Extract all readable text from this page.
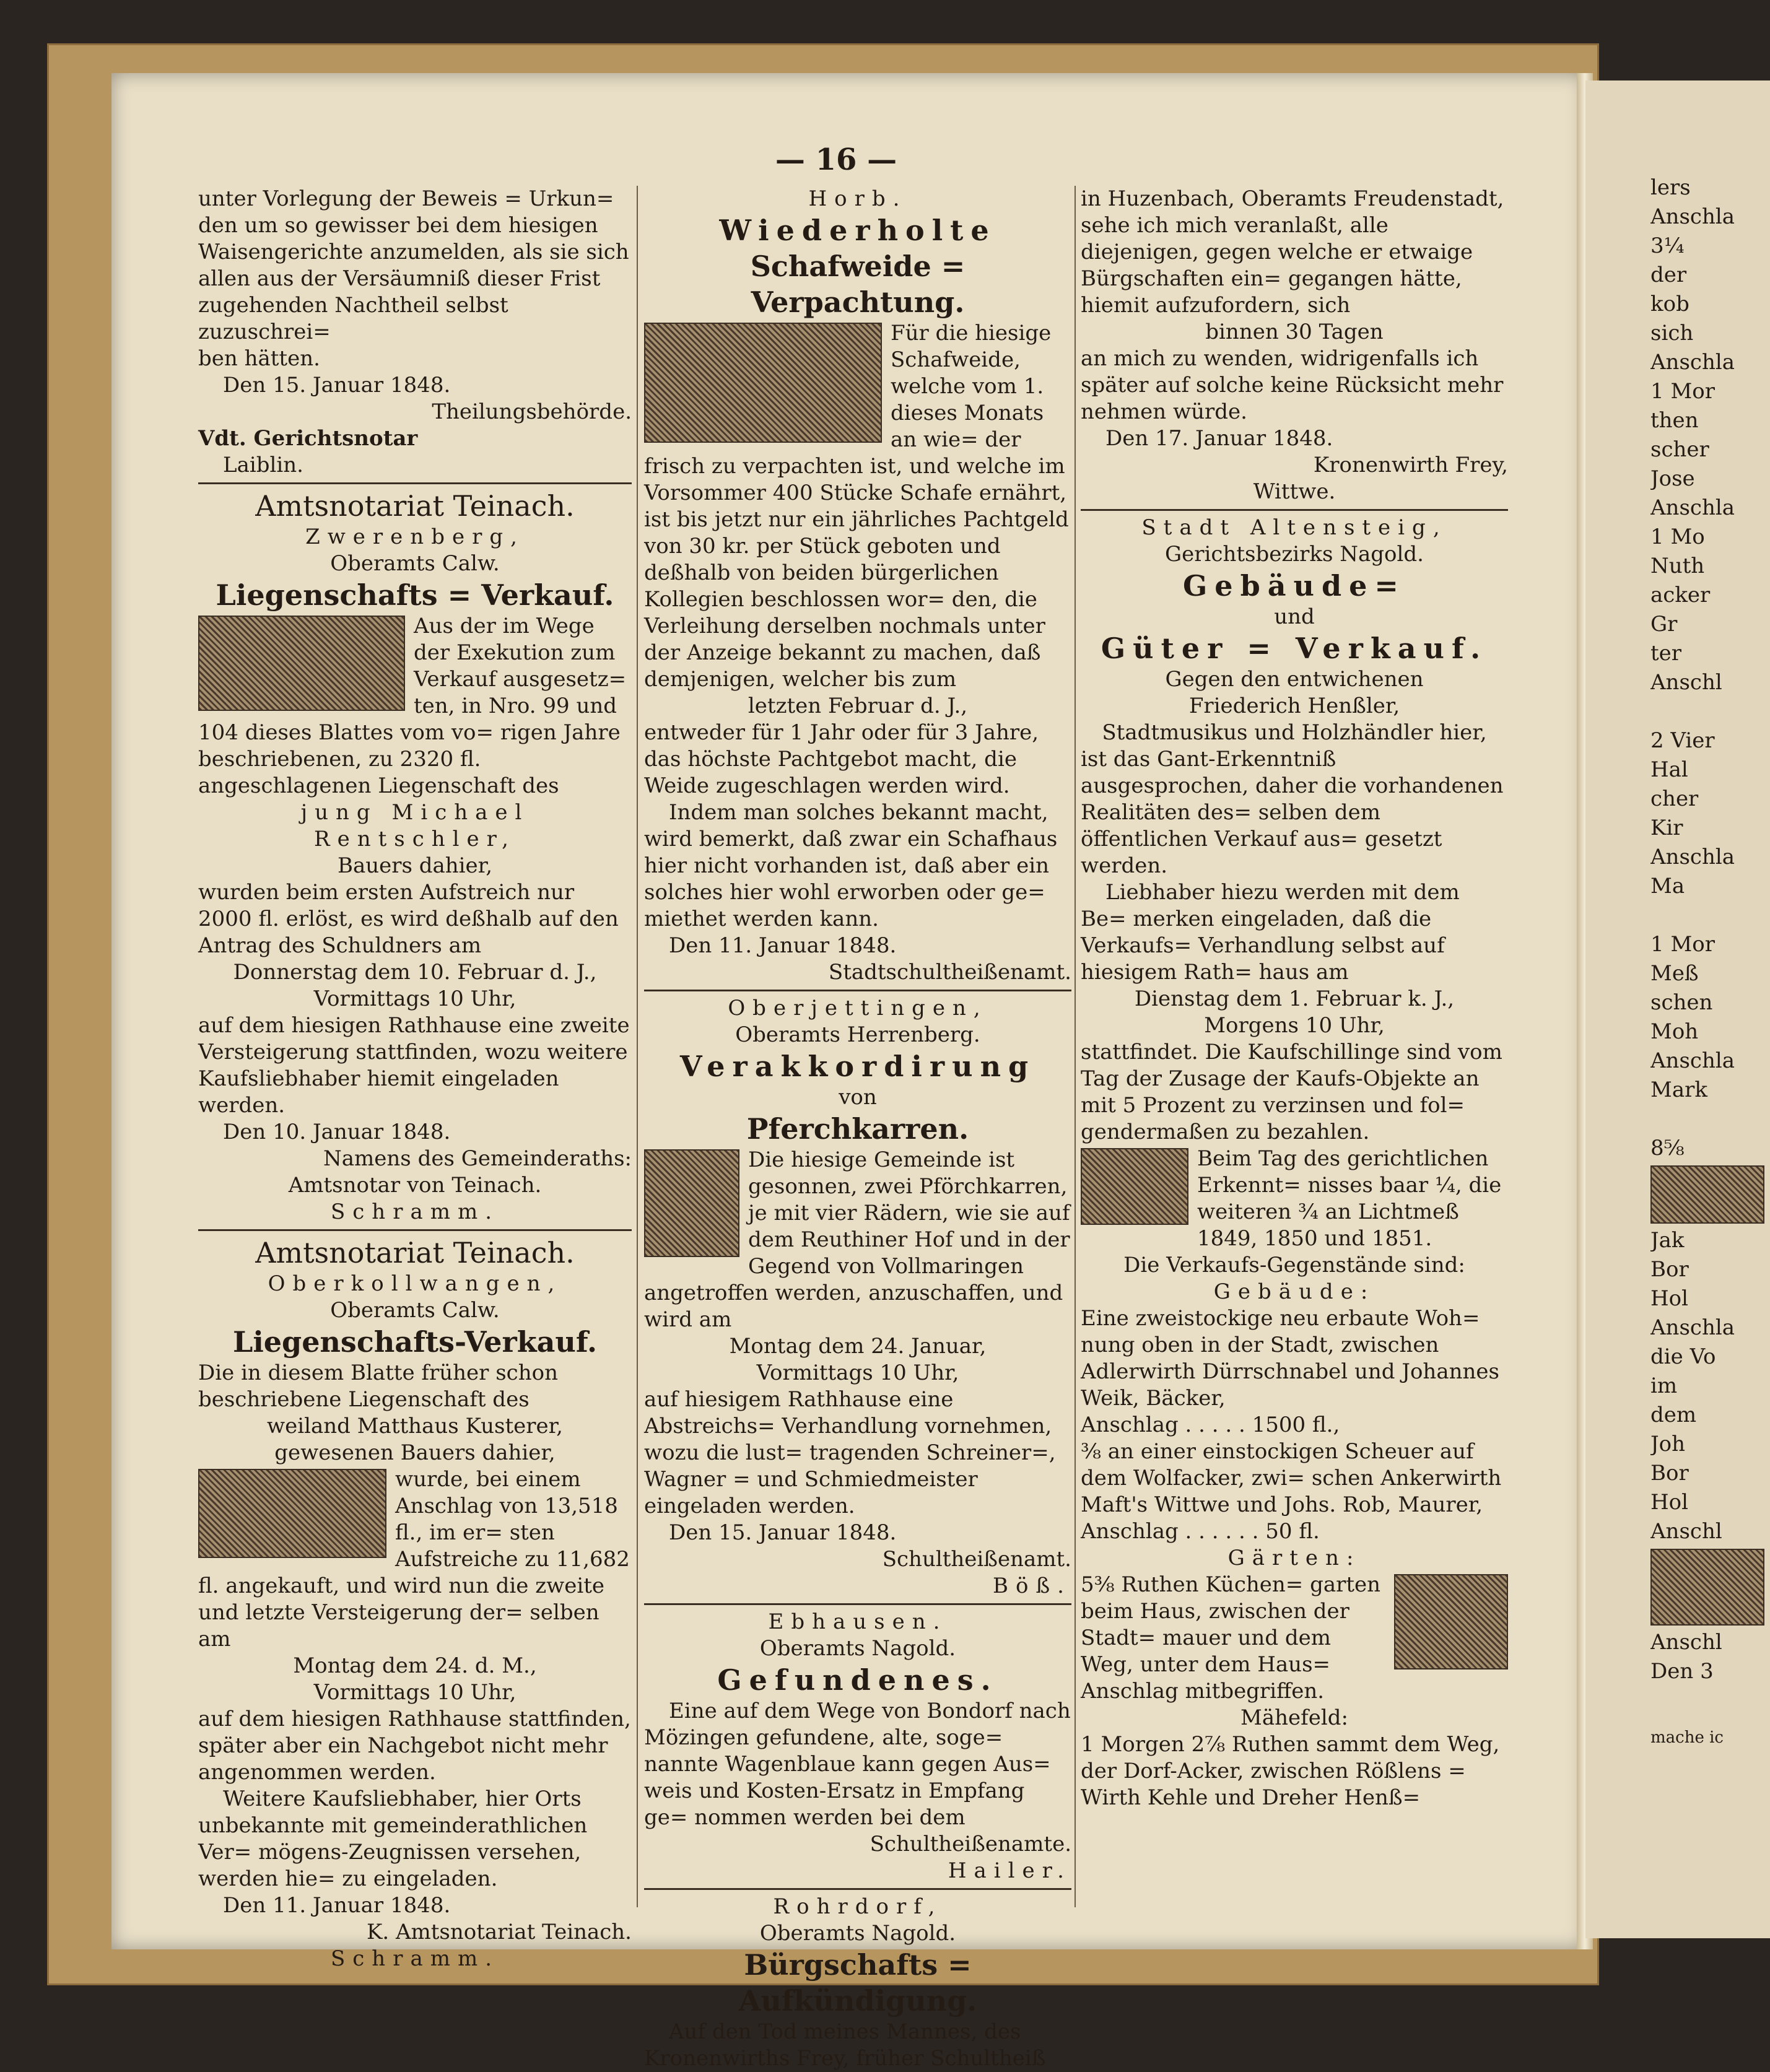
— 16 —

unter Vorlegung der Beweis = Urkun=

den um so gewisser bei dem hiesigen

Waisengerichte anzumelden, als sie sich

allen aus der Versäumniß dieser Frist

zugehenden Nachtheil selbst zuzuschrei=

ben hätten.

Den 15. Januar 1848.

Theilungsbehörde.

Vdt. Gerichtsnotar

Laiblin.

Amtsnotariat Teinach.

Zwerenberg,

Oberamts Calw.

Liegenschafts = Verkauf.

Aus der im Wege der Exekution zum Verkauf ausgesetz= ten, in Nro. 99 und 104 dieses Blattes vom vo= rigen Jahre beschriebenen, zu 2320 fl. angeschlagenen Liegenschaft des

jung Michael Rentschler,

Bauers dahier,

wurden beim ersten Aufstreich nur 2000 fl. erlöst, es wird deßhalb auf den Antrag des Schuldners am

Donnerstag dem 10. Februar d. J.,

Vormittags 10 Uhr,

auf dem hiesigen Rathhause eine zweite Versteigerung stattfinden, wozu weitere Kaufsliebhaber hiemit eingeladen werden.

Den 10. Januar 1848.

Namens des Gemeinderaths:

Amtsnotar von Teinach.

Schramm.

Amtsnotariat Teinach.

Oberkollwangen,

Oberamts Calw.

Liegenschafts-Verkauf.

Die in diesem Blatte früher schon beschriebene Liegenschaft des

weiland Matthaus Kusterer,

gewesenen Bauers dahier,

wurde, bei einem Anschlag von 13,518 fl., im er= sten Aufstreiche zu 11,682 fl. angekauft, und wird nun die zweite und letzte Versteigerung der= selben am

Montag dem 24. d. M.,

Vormittags 10 Uhr,

auf dem hiesigen Rathhause stattfinden, später aber ein Nachgebot nicht mehr angenommen werden.

Weitere Kaufsliebhaber, hier Orts unbekannte mit gemeinderathlichen Ver= mögens-Zeugnissen versehen, werden hie= zu eingeladen.

Den 11. Januar 1848.

K. Amtsnotariat Teinach.

Schramm.

Horb.

Wiederholte

Schafweide = Verpachtung.

Für die hiesige Schafweide, welche vom 1. dieses Monats an wie= der frisch zu verpachten ist, und welche im Vorsommer 400 Stücke Schafe ernährt, ist bis jetzt nur ein jährliches Pachtgeld von 30 kr. per Stück geboten und deßhalb von beiden bürgerlichen Kollegien beschlossen wor= den, die Verleihung derselben nochmals unter der Anzeige bekannt zu machen, daß demjenigen, welcher bis zum

letzten Februar d. J.,

entweder für 1 Jahr oder für 3 Jahre, das höchste Pachtgebot macht, die Weide zugeschlagen werden wird.

Indem man solches bekannt macht, wird bemerkt, daß zwar ein Schafhaus hier nicht vorhanden ist, daß aber ein solches hier wohl erworben oder ge= miethet werden kann.

Den 11. Januar 1848.

Stadtschultheißenamt.

Oberjettingen,

Oberamts Herrenberg.

Verakkordirung

von

Pferchkarren.

Die hiesige Gemeinde ist gesonnen, zwei Pförchkarren, je mit vier Rädern, wie sie auf dem Reuthiner Hof und in der Gegend von Vollmaringen angetroffen werden, anzuschaffen, und wird am

Montag dem 24. Januar,

Vormittags 10 Uhr,

auf hiesigem Rathhause eine Abstreichs= Verhandlung vornehmen, wozu die lust= tragenden Schreiner=, Wagner = und Schmiedmeister eingeladen werden.

Den 15. Januar 1848.

Schultheißenamt.

Böß.

Ebhausen.

Oberamts Nagold.

Gefundenes.

Eine auf dem Wege von Bondorf nach Mözingen gefundene, alte, soge= nannte Wagenblaue kann gegen Aus= weis und Kosten-Ersatz in Empfang ge= nommen werden bei dem

Schultheißenamte.

Hailer.

Rohrdorf,

Oberamts Nagold.

Bürgschafts = Aufkündigung.

Auf den Tod meines Mannes, des Kronenwirths Frey, früher Schultheiß

in Huzenbach, Oberamts Freudenstadt, sehe ich mich veranlaßt, alle diejenigen, gegen welche er etwaige Bürgschaften ein= gegangen hätte, hiemit aufzufordern, sich

binnen 30 Tagen

an mich zu wenden, widrigenfalls ich später auf solche keine Rücksicht mehr nehmen würde.

Den 17. Januar 1848.

Kronenwirth Frey,

Wittwe.

Stadt Altensteig,

Gerichtsbezirks Nagold.

Gebäude=

und

Güter = Verkauf.

Gegen den entwichenen

Friederich Henßler,

Stadtmusikus und Holzhändler hier,

ist das Gant-Erkenntniß ausgesprochen, daher die vorhandenen Realitäten des= selben dem öffentlichen Verkauf aus= gesetzt werden.

Liebhaber hiezu werden mit dem Be= merken eingeladen, daß die Verkaufs= Verhandlung selbst auf hiesigem Rath= haus am

Dienstag dem 1. Februar k. J.,

Morgens 10 Uhr,

stattfindet. Die Kaufschillinge sind vom Tag der Zusage der Kaufs-Objekte an mit 5 Prozent zu verzinsen und fol= gendermaßen zu bezahlen.

Beim Tag des gerichtlichen Erkennt= nisses baar ¼, die weiteren ¾ an Lichtmeß 1849, 1850 und 1851.

Die Verkaufs-Gegenstände sind:

Gebäude:

Eine zweistockige neu erbaute Woh= nung oben in der Stadt, zwischen Adlerwirth Dürrschnabel und Johannes Weik, Bäcker,

Anschlag . . . . . 1500 fl.,

⅜ an einer einstockigen Scheuer auf dem Wolfacker, zwi= schen Ankerwirth Maft's Wittwe und Johs. Rob, Maurer,

Anschlag . . . . . . 50 fl.

Gärten:

5⅜ Ruthen Küchen= garten beim Haus, zwischen der Stadt= mauer und dem Weg, unter dem Haus= Anschlag mitbegriffen.

Mähefeld:

1 Morgen 2⅞ Ruthen sammt dem Weg, der Dorf-Acker, zwischen Rößlens = Wirth Kehle und Dreher Henß=

lers

Anschla

3¼

der

kob

sich

Anschla

1 Mor

then

scher

Jose

Anschla

1 Mo

Nuth

acker

Gr

ter

Anschl

2 Vier

Hal

cher

Kir

Anschla

Ma

1 Mor

Meß

schen

Moh

Anschla

Mark

8⅝

Jak

Bor

Hol

Anschla

die Vo

im

dem

Joh

Bor

Hol

Anschl

Anschl

Den 3

mache ic
